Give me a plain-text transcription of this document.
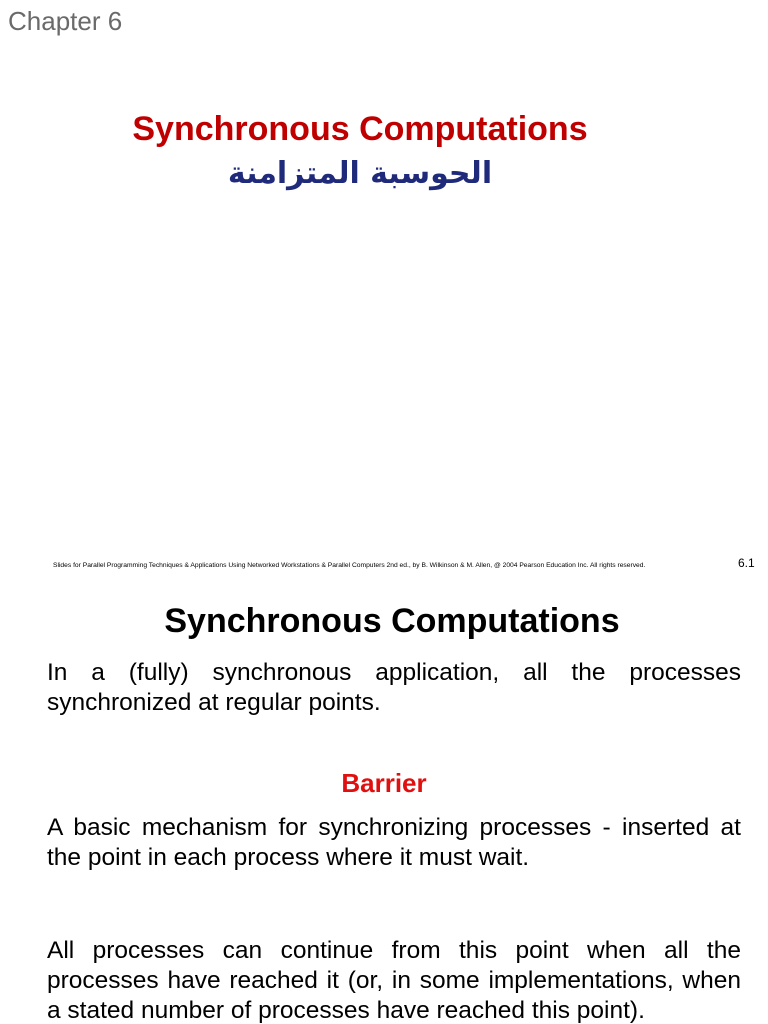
Chapter 6
Synchronous Computations
الحوسبة المتزامنة
Slides for Parallel Programming Techniques & Applications Using Networked Workstations & Parallel Computers 2nd ed., by B. Wilkinson & M. Allen, @ 2004 Pearson Education Inc. All rights reserved.	6.1
Synchronous Computations

In a (fully) synchronous application, all the processes synchronized at regular points.

Barrier

A basic mechanism for synchronizing processes - inserted at the point in each process where it must wait.

All processes can continue from this point when all the processes have reached it (or, in some implementations, when a stated number of processes have reached this point).
